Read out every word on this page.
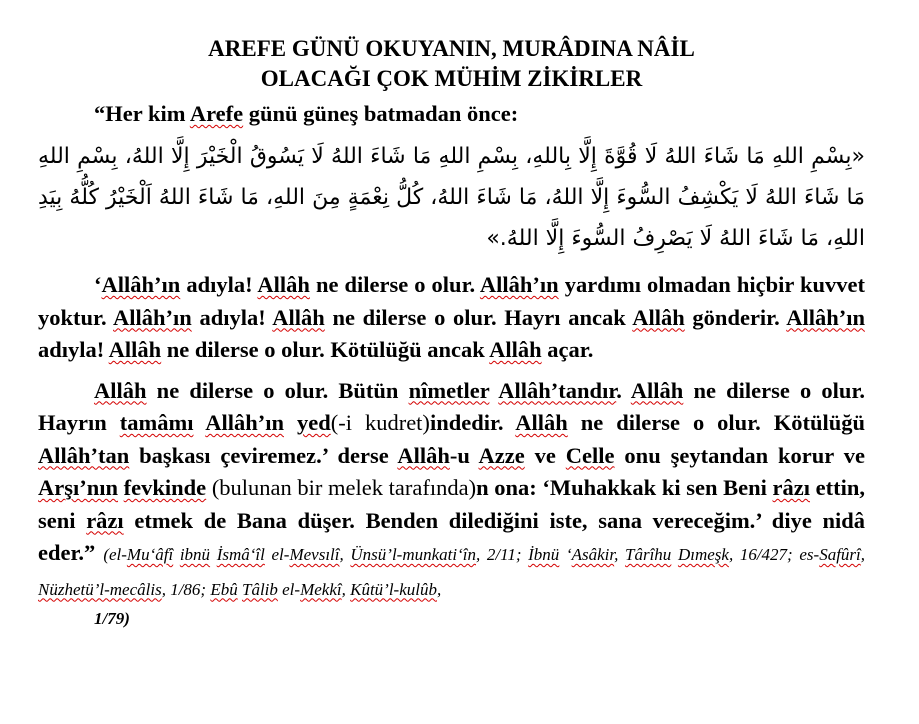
AREFE GÜNÜ OKUYANIN, MURÂDINA NÂİL
OLACAĞI ÇOK MÜHİM ZİKİRLER

“Her kim Arefe günü güneş batmadan önce:

«بِسْمِ اللهِ مَا شَاءَ اللهُ لَا قُوَّةَ إِلَّا بِاللهِ، بِسْمِ اللهِ مَا شَاءَ اللهُ لَا يَسُوقُ الْخَيْرَ إِلَّا اللهُ، بِسْمِ اللهِ مَا شَاءَ اللهُ لَا يَكْشِفُ السُّوءَ إِلَّا اللهُ، مَا شَاءَ اللهُ، كُلُّ نِعْمَةٍ مِنَ اللهِ، مَا شَاءَ اللهُ اَلْخَيْرُ كُلُّهُ بِيَدِ اللهِ، مَا شَاءَ اللهُ لَا يَصْرِفُ السُّوءَ إِلَّا اللهُ.»

‘Allâh’ın adıyla! Allâh ne dilerse o olur. Allâh’ın yardımı olmadan hiçbir kuvvet yoktur. Allâh’ın adıyla! Allâh ne dilerse o olur. Hayrı ancak Allâh gönderir. Allâh’ın adıyla! Allâh ne dilerse o olur. Kötülüğü ancak Allâh açar.

Allâh ne dilerse o olur. Bütün nîmetler Allâh’tandır. Allâh ne dilerse o olur. Hayrın tamâmı Allâh’ın yed(-i kudret)indedir. Allâh ne dilerse o olur. Kötülüğü Allâh’tan başkası çeviremez.’ derse Allâh-u Azze ve Celle onu şeytandan korur ve Arşı’nın fevkinde (bulunan bir melek tarafında)n ona: ‘Muhakkak ki sen Beni râzı ettin, seni râzı etmek de Bana düşer. Benden dilediğini iste, sana vereceğim.’ diye nidâ eder.” (el-Mu‘âfî ibnü İsmâ‘îl el-Mevsılî, Ünsü’l-munkati‘în, 2/11; İbnü ‘Asâkir, Târîhu Dımeşk, 16/427; es-Safûrî, Nüzhetü’l-mecâlis, 1/86; Ebû Tâlib el-Mekkî, Kûtü’l-kulûb,
1/79)
